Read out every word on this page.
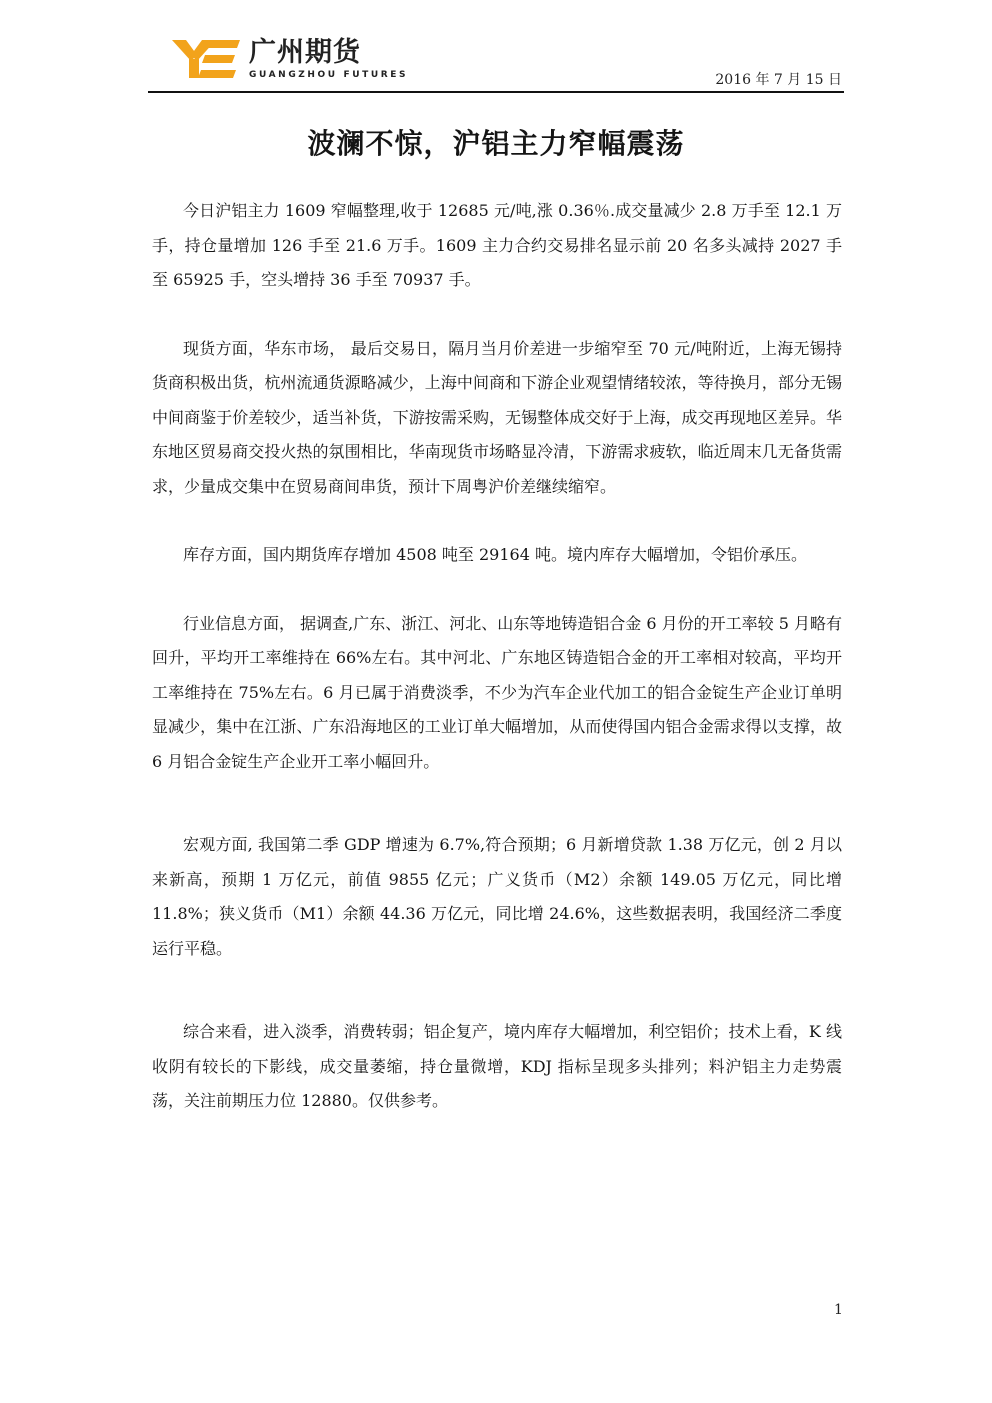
广州期货
GUANGZHOU FUTURES	2016 年 7 月 15 日
波澜不惊，沪铝主力窄幅震荡

今日沪铝主力 1609 窄幅整理,收于 12685 元/吨,涨 0.36％.成交量减少 2.8 万手至 12.1 万手，持仓量增加 126 手至 21.6 万手。1609 主力合约交易排名显示前 20 名多头减持 2027 手至 65925 手，空头增持 36 手至 70937 手。

现货方面，华东市场， 最后交易日，隔月当月价差进一步缩窄至 70 元/吨附近，上海无锡持货商积极出货，杭州流通货源略减少，上海中间商和下游企业观望情绪较浓，等待换月，部分无锡中间商鉴于价差较少，适当补货，下游按需采购，无锡整体成交好于上海，成交再现地区差异。华东地区贸易商交投火热的氛围相比，华南现货市场略显冷清，下游需求疲软，临近周末几无备货需求，少量成交集中在贸易商间串货，预计下周粤沪价差继续缩窄。

库存方面，国内期货库存增加 4508 吨至 29164 吨。境内库存大幅增加，令铝价承压。

行业信息方面， 据调查,广东、浙江、河北、山东等地铸造铝合金 6 月份的开工率较 5 月略有回升，平均开工率维持在 66%左右。其中河北、广东地区铸造铝合金的开工率相对较高，平均开工率维持在 75%左右。6 月已属于消费淡季，不少为汽车企业代加工的铝合金锭生产企业订单明显减少，集中在江浙、广东沿海地区的工业订单大幅增加，从而使得国内铝合金需求得以支撑，故 6 月铝合金锭生产企业开工率小幅回升。

宏观方面, 我国第二季 GDP 增速为 6.7%,符合预期；6 月新增贷款 1.38 万亿元，创 2 月以来新高，预期 1 万亿元，前值 9855 亿元；广义货币（M2）余额 149.05 万亿元，同比增 11.8%；狭义货币（M1）余额 44.36 万亿元，同比增 24.6%，这些数据表明，我国经济二季度运行平稳。

综合来看，进入淡季，消费转弱；铝企复产，境内库存大幅增加，利空铝价；技术上看，K 线收阴有较长的下影线，成交量萎缩，持仓量微增，KDJ 指标呈现多头排列；料沪铝主力走势震荡，关注前期压力位 12880。仅供参考。

1
